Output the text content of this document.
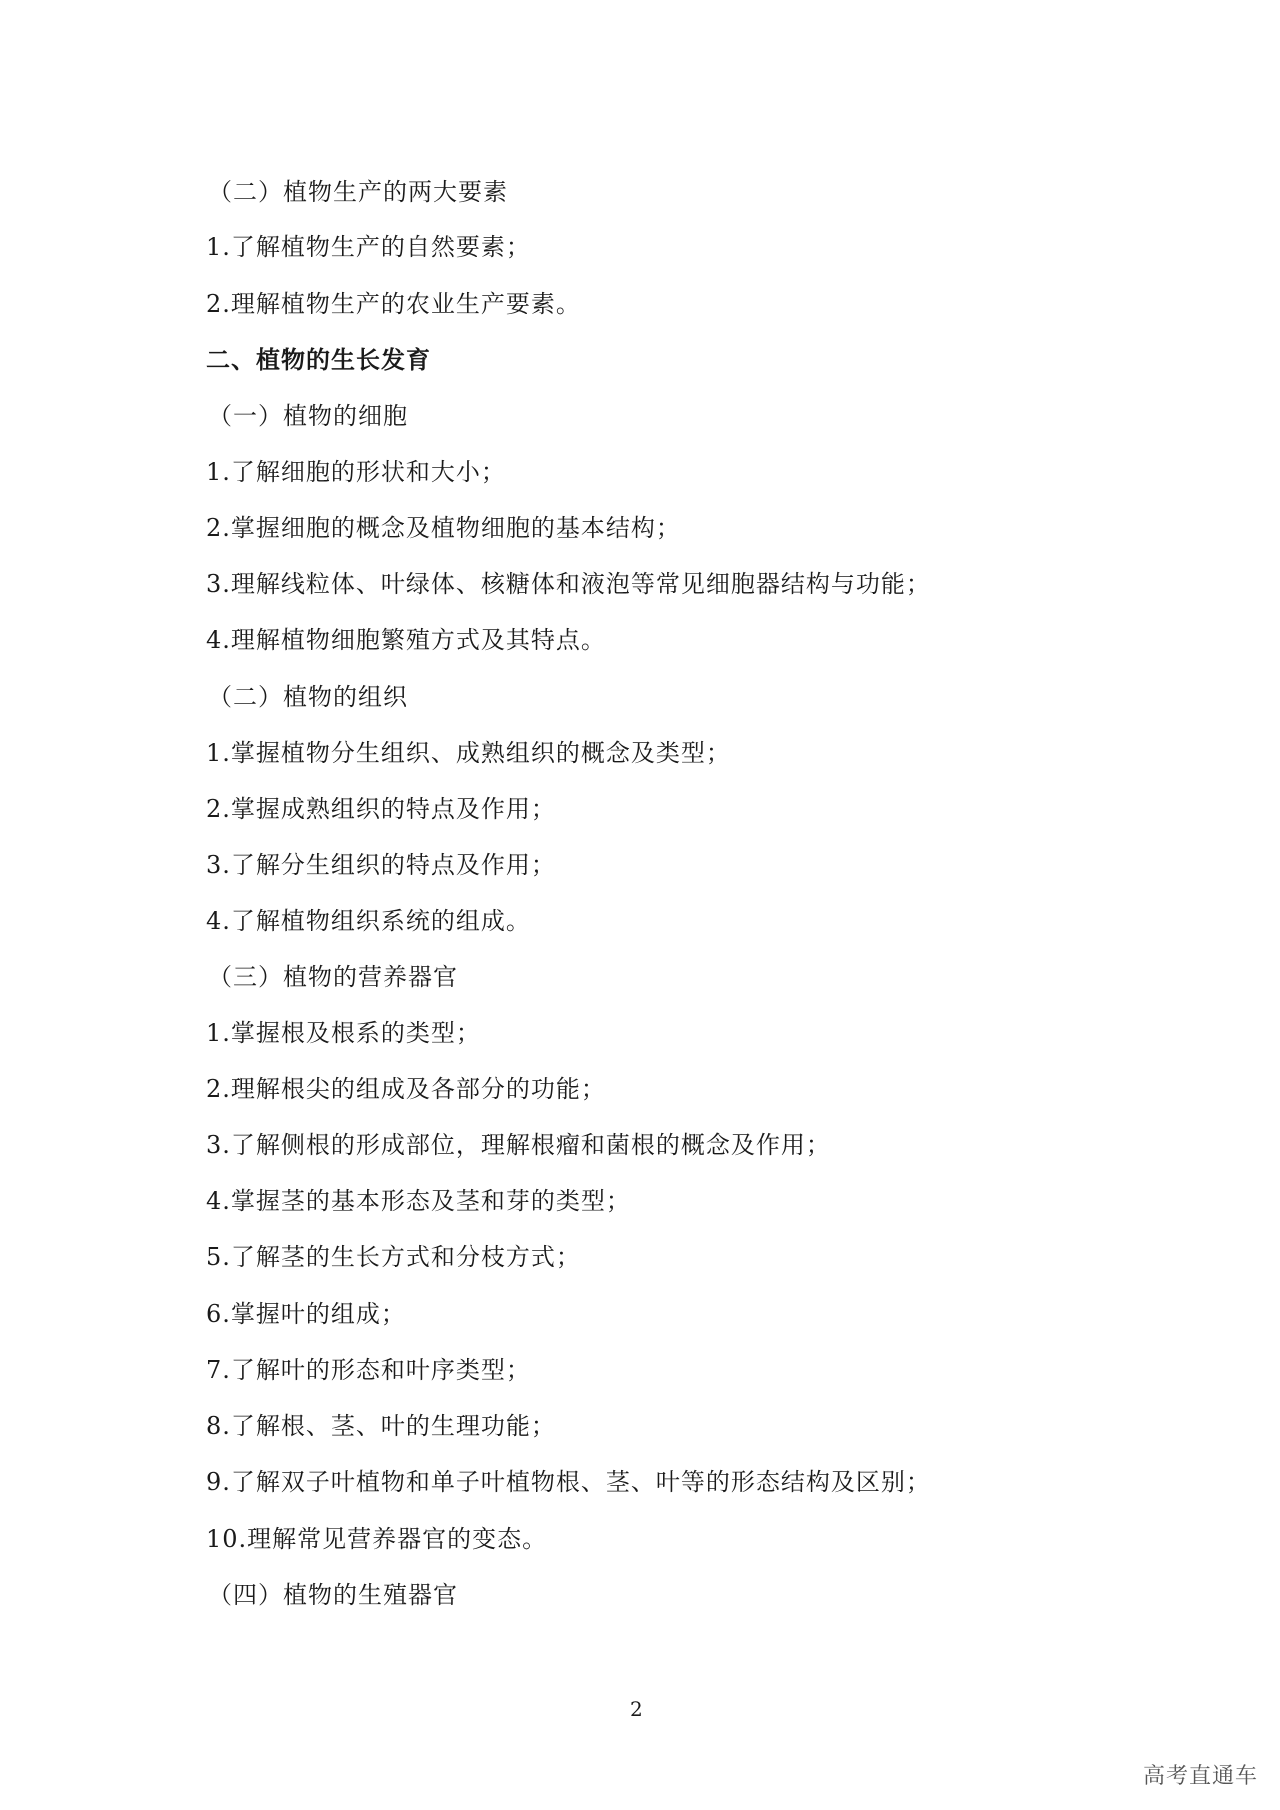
（二）植物生产的两大要素
1.了解植物生产的自然要素；
2.理解植物生产的农业生产要素。
二、植物的生长发育
（一）植物的细胞
1.了解细胞的形状和大小；
2.掌握细胞的概念及植物细胞的基本结构；
3.理解线粒体、叶绿体、核糖体和液泡等常见细胞器结构与功能；
4.理解植物细胞繁殖方式及其特点。
（二）植物的组织
1.掌握植物分生组织、成熟组织的概念及类型；
2.掌握成熟组织的特点及作用；
3.了解分生组织的特点及作用；
4.了解植物组织系统的组成。
（三）植物的营养器官
1.掌握根及根系的类型；
2.理解根尖的组成及各部分的功能；
3.了解侧根的形成部位，理解根瘤和菌根的概念及作用；
4.掌握茎的基本形态及茎和芽的类型；
5.了解茎的生长方式和分枝方式；
6.掌握叶的组成；
7.了解叶的形态和叶序类型；
8.了解根、茎、叶的生理功能；
9.了解双子叶植物和单子叶植物根、茎、叶等的形态结构及区别；
10.理解常见营养器官的变态。
（四）植物的生殖器官
2
高考直通车
